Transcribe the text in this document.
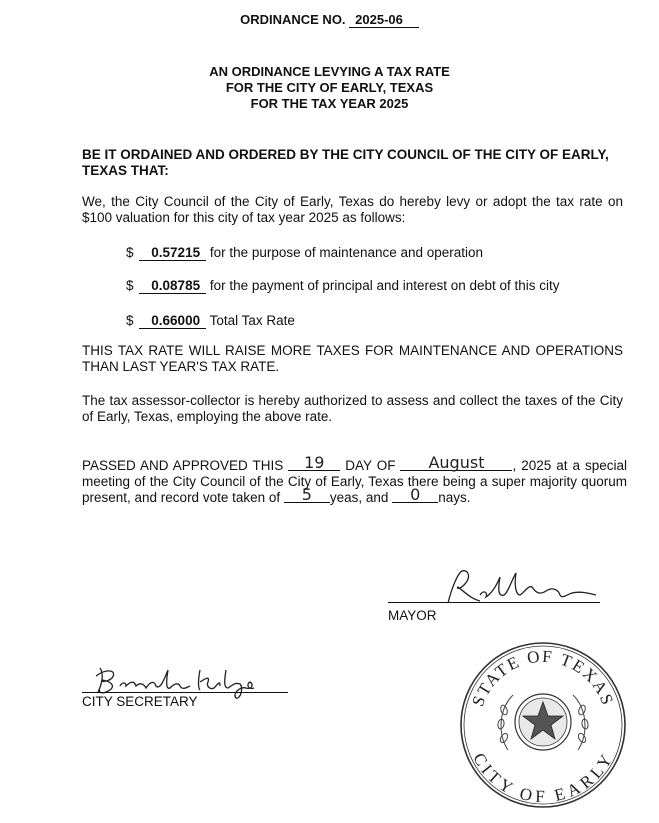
ORDINANCE NO. 2025-06
AN ORDINANCE LEVYING A TAX RATE
FOR THE CITY OF EARLY, TEXAS
FOR THE TAX YEAR 2025
BE IT ORDAINED AND ORDERED BY THE CITY COUNCIL OF THE CITY OF EARLY, TEXAS THAT:
We, the City Council of the City of Early, Texas do hereby levy or adopt the tax rate on $100 valuation for this city of tax year 2025 as follows:
$ 0.57215 for the purpose of maintenance and operation
$ 0.08785 for the payment of principal and interest on debt of this city
$ 0.66000 Total Tax Rate
THIS TAX RATE WILL RAISE MORE TAXES FOR MAINTENANCE AND OPERATIONS THAN LAST YEAR'S TAX RATE.
The tax assessor-collector is hereby authorized to assess and collect the taxes of the City of Early, Texas, employing the above rate.
PASSED AND APPROVED THIS 19 DAY OF August , 2025 at a special meeting of the City Council of the City of Early, Texas there being a super majority quorum present, and record vote taken of 5 yeas, and 0 nays.
MAYOR
CITY SECRETARY	STATE OF TEXAS
CITY OF EARLY
